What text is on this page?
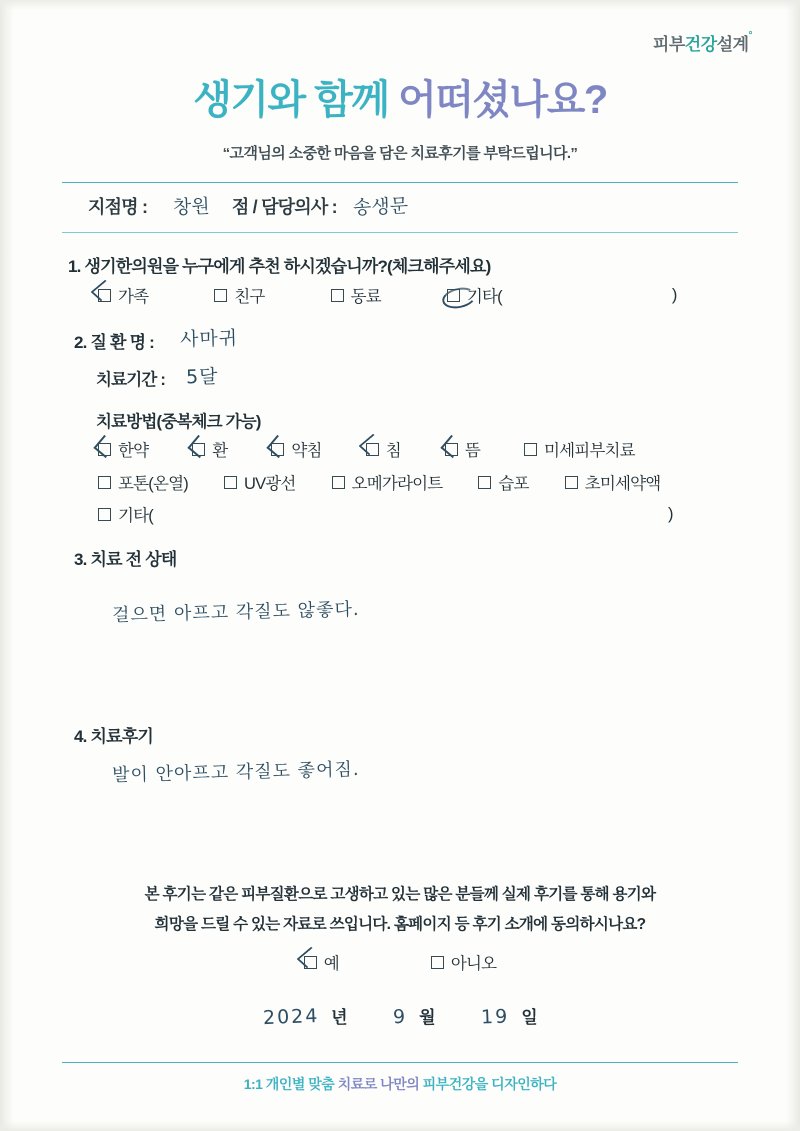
피부건강설계°
생기와 함께 어떠셨나요?
“고객님의 소중한 마음을 담은 치료후기를 부탁드립니다.”
지점명 : 창원 점 / 담당의사 : 송생문
1. 생기한의원을 누구에게 추천 하시겠습니까?(체크해주세요)
가족	친구	동료	기타(	)
2. 질 환 명 : 사마귀
치료기간 : 5달
치료방법(중복체크 가능)
한약	환	약침	침	뜸	미세피부치료
포톤(온열)	UV광선	오메가라이트	습포	초미세약액
기타(	)
3. 치료 전 상태
걸으면 아프고 각질도 않좋다.
4. 치료후기
발이 안아프고 각질도 좋어짐.
본 후기는 같은 피부질환으로 고생하고 있는 많은 분들께 실제 후기를 통해 용기와
희망을 드릴 수 있는 자료로 쓰입니다. 홈페이지 등 후기 소개에 동의하시나요?
예	아니오
2024 년 9 월 19 일
1:1 개인별 맞춤 치료로 나만의 피부건강을 디자인하다
